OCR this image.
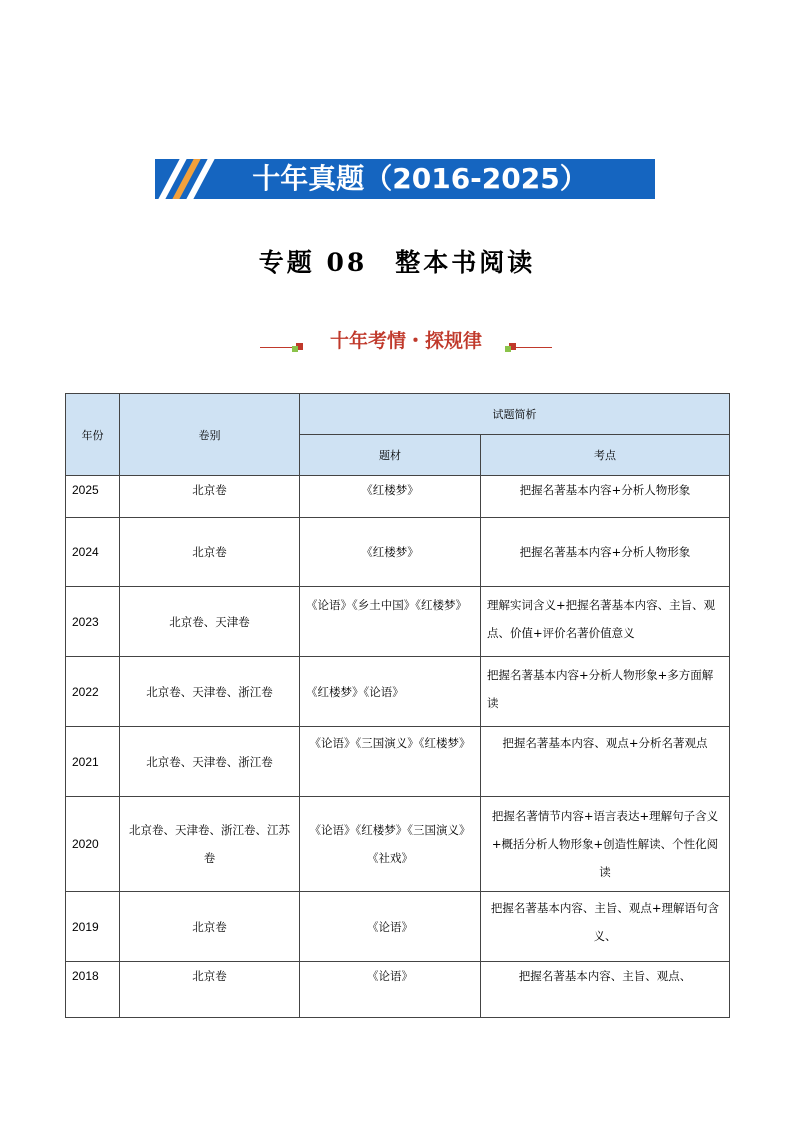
十年真题（2016-2025）
专题 08　整本书阅读
十年考情・探规律
年份	卷别	试题简析	
		题材	考点
2025	北京卷	《红楼梦》	把握名著基本内容+分析人物形象
2024	北京卷	《红楼梦》	把握名著基本内容+分析人物形象
2023	北京卷、天津卷	《论语》《乡土中国》《红楼梦》	理解实词含义+把握名著基本内容、主旨、观点、价值+评价名著价值意义
2022	北京卷、天津卷、浙江卷	《红楼梦》《论语》	把握名著基本内容+分析人物形象+多方面解读
2021	北京卷、天津卷、浙江卷	《论语》《三国演义》《红楼梦》	把握名著基本内容、观点+分析名著观点
2020	北京卷、天津卷、浙江卷、江苏卷	《论语》《红楼梦》《三国演义》《社戏》	把握名著情节内容+语言表达+理解句子含义+概括分析人物形象+创造性解读、个性化阅读
2019	北京卷	《论语》	把握名著基本内容、主旨、观点+理解语句含义、
2018	北京卷	《论语》	把握名著基本内容、主旨、观点、
